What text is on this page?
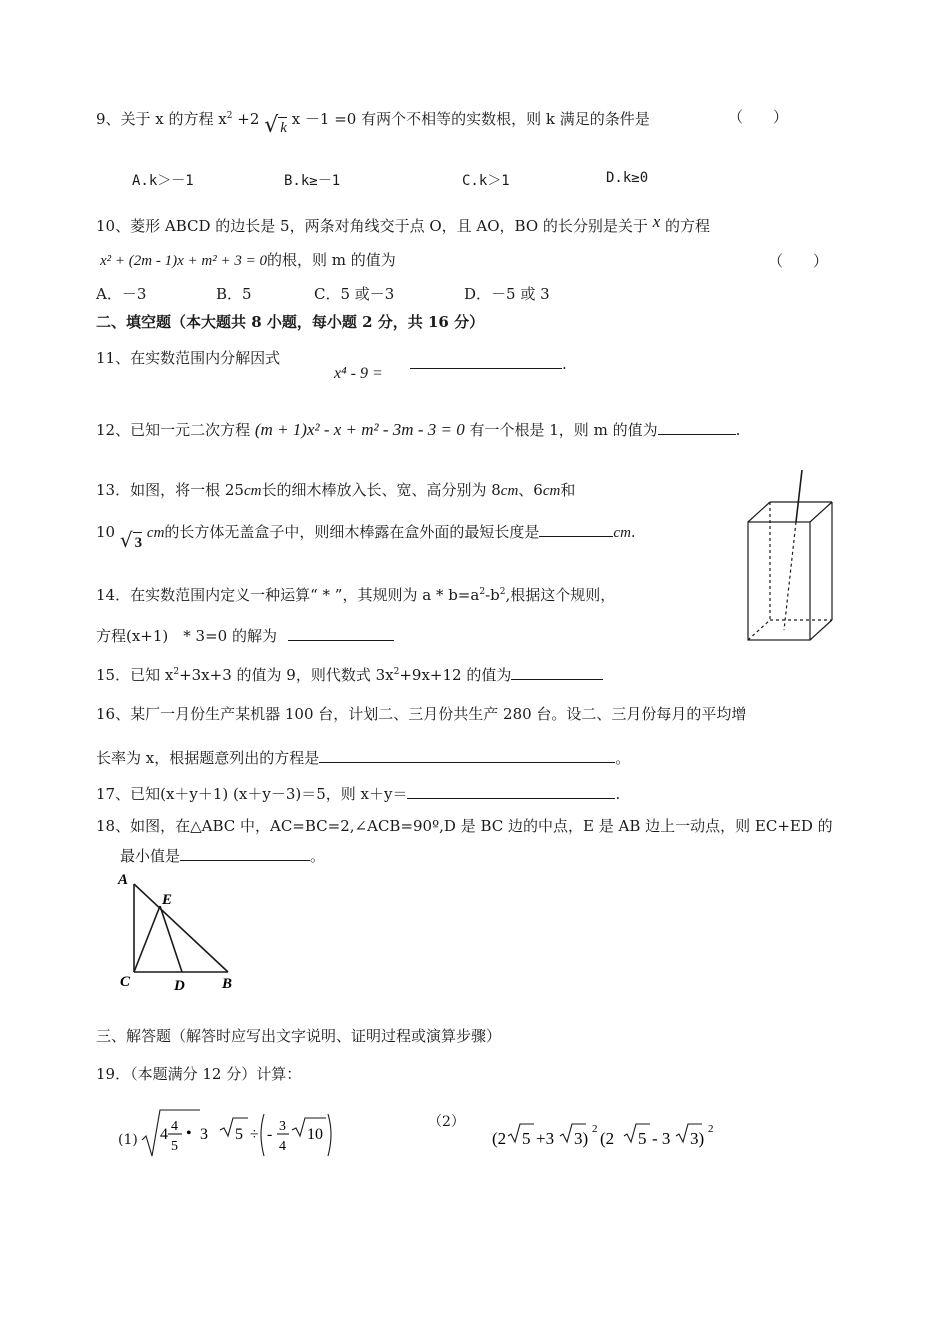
9、关于 x 的方程 $x^2 +2$ √ k x －1 =0 有两个不相等的实数根，则 k 满足的条件是	（　　）
A.k＞－1	B.k≥－1	C.k＞1	D.k≥0
10、菱形 ABCD 的边长是 5，两条对角线交于点 O，且 AO，BO 的长分别是关于 x 的方程
x² + (2m - 1)x + m² + 3 = 0的根，则 m 的值为	（　　）
A．－3	B．5	C．5 或－3	D．－5 或 3
二、填空题（本大题共 8 小题，每小题 2 分，共 16 分）
11、在实数范围内分解因式
x⁴ - 9 =
.
12、已知一元二次方程 (m + 1)x² - x + m² - 3m - 3 = 0 有一个根是 1，则 m 的值为	.
13．如图，将一根 25cm长的细木棒放入长、宽、高分别为 8cm、6cm和
10 √ 3 cm的长方体无盖盒子中，则细木棒露在盒外面的最短长度是	cm.
14．在实数范围内定义一种运算“ * ”，其规则为 $a * b=a^2-b^2$,根据这个规则，
方程(x+1)　* 3=0 的解为
15．已知 $x^2+3x+3$ 的值为 9，则代数式 $3x^2+9x+12$ 的值为
16、某厂一月份生产某机器 100 台，计划二、三月份共生产 280 台。设二、三月份每月的平均增
长率为 x，根据题意列出的方程是	。
17、已知(x＋y＋1) (x＋y－3)＝5，则 x＋y＝	.
18、如图，在△ABC 中，AC=BC=2,∠ACB=90º,D 是 BC 边的中点，E 是 AB 边上一动点，则 EC+ED 的
最小值是	。
A
E
C	D B
三、解答题（解答时应写出文字说明、证明过程或演算步骤）
19．（本题满分 12 分）计算：
(1) 4 4
5
• 3 5 ÷ - 3
4
10
（2）
(2 5 +3 3) 2 (2 5 - 3 3) 2
